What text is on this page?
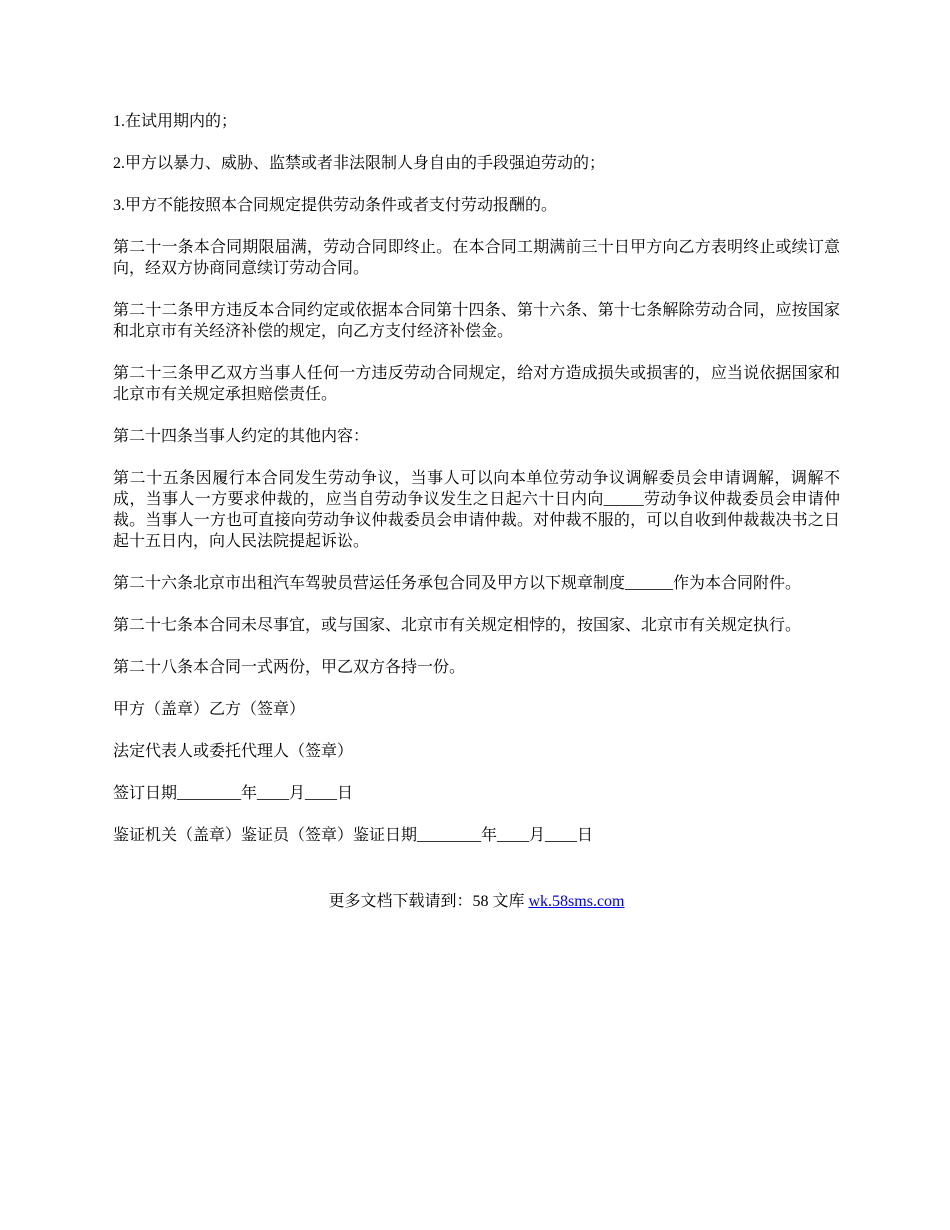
1.在试用期内的；

2.甲方以暴力、威胁、监禁或者非法限制人身自由的手段强迫劳动的；

3.甲方不能按照本合同规定提供劳动条件或者支付劳动报酬的。

第二十一条本合同期限届满，劳动合同即终止。在本合同工期满前三十日甲方向乙方表明终止或续订意向，经双方协商同意续订劳动合同。

第二十二条甲方违反本合同约定或依据本合同第十四条、第十六条、第十七条解除劳动合同，应按国家和北京市有关经济补偿的规定，向乙方支付经济补偿金。

第二十三条甲乙双方当事人任何一方违反劳动合同规定，给对方造成损失或损害的，应当说依据国家和北京市有关规定承担赔偿责任。

第二十四条当事人约定的其他内容：

第二十五条因履行本合同发生劳动争议，当事人可以向本单位劳动争议调解委员会申请调解，调解不成，当事人一方要求仲裁的，应当自劳动争议发生之日起六十日内向_____劳动争议仲裁委员会申请仲裁。当事人一方也可直接向劳动争议仲裁委员会申请仲裁。对仲裁不服的，可以自收到仲裁裁决书之日起十五日内，向人民法院提起诉讼。

第二十六条北京市出租汽车驾驶员营运任务承包合同及甲方以下规章制度______作为本合同附件。

第二十七条本合同未尽事宜，或与国家、北京市有关规定相悖的，按国家、北京市有关规定执行。

第二十八条本合同一式两份，甲乙双方各持一份。

甲方（盖章）乙方（签章）

法定代表人或委托代理人（签章）

签订日期________年____月____日

鉴证机关（盖章）鉴证员（签章）鉴证日期________年____月____日

更多文档下载请到：58 文库 wk.58sms.com
